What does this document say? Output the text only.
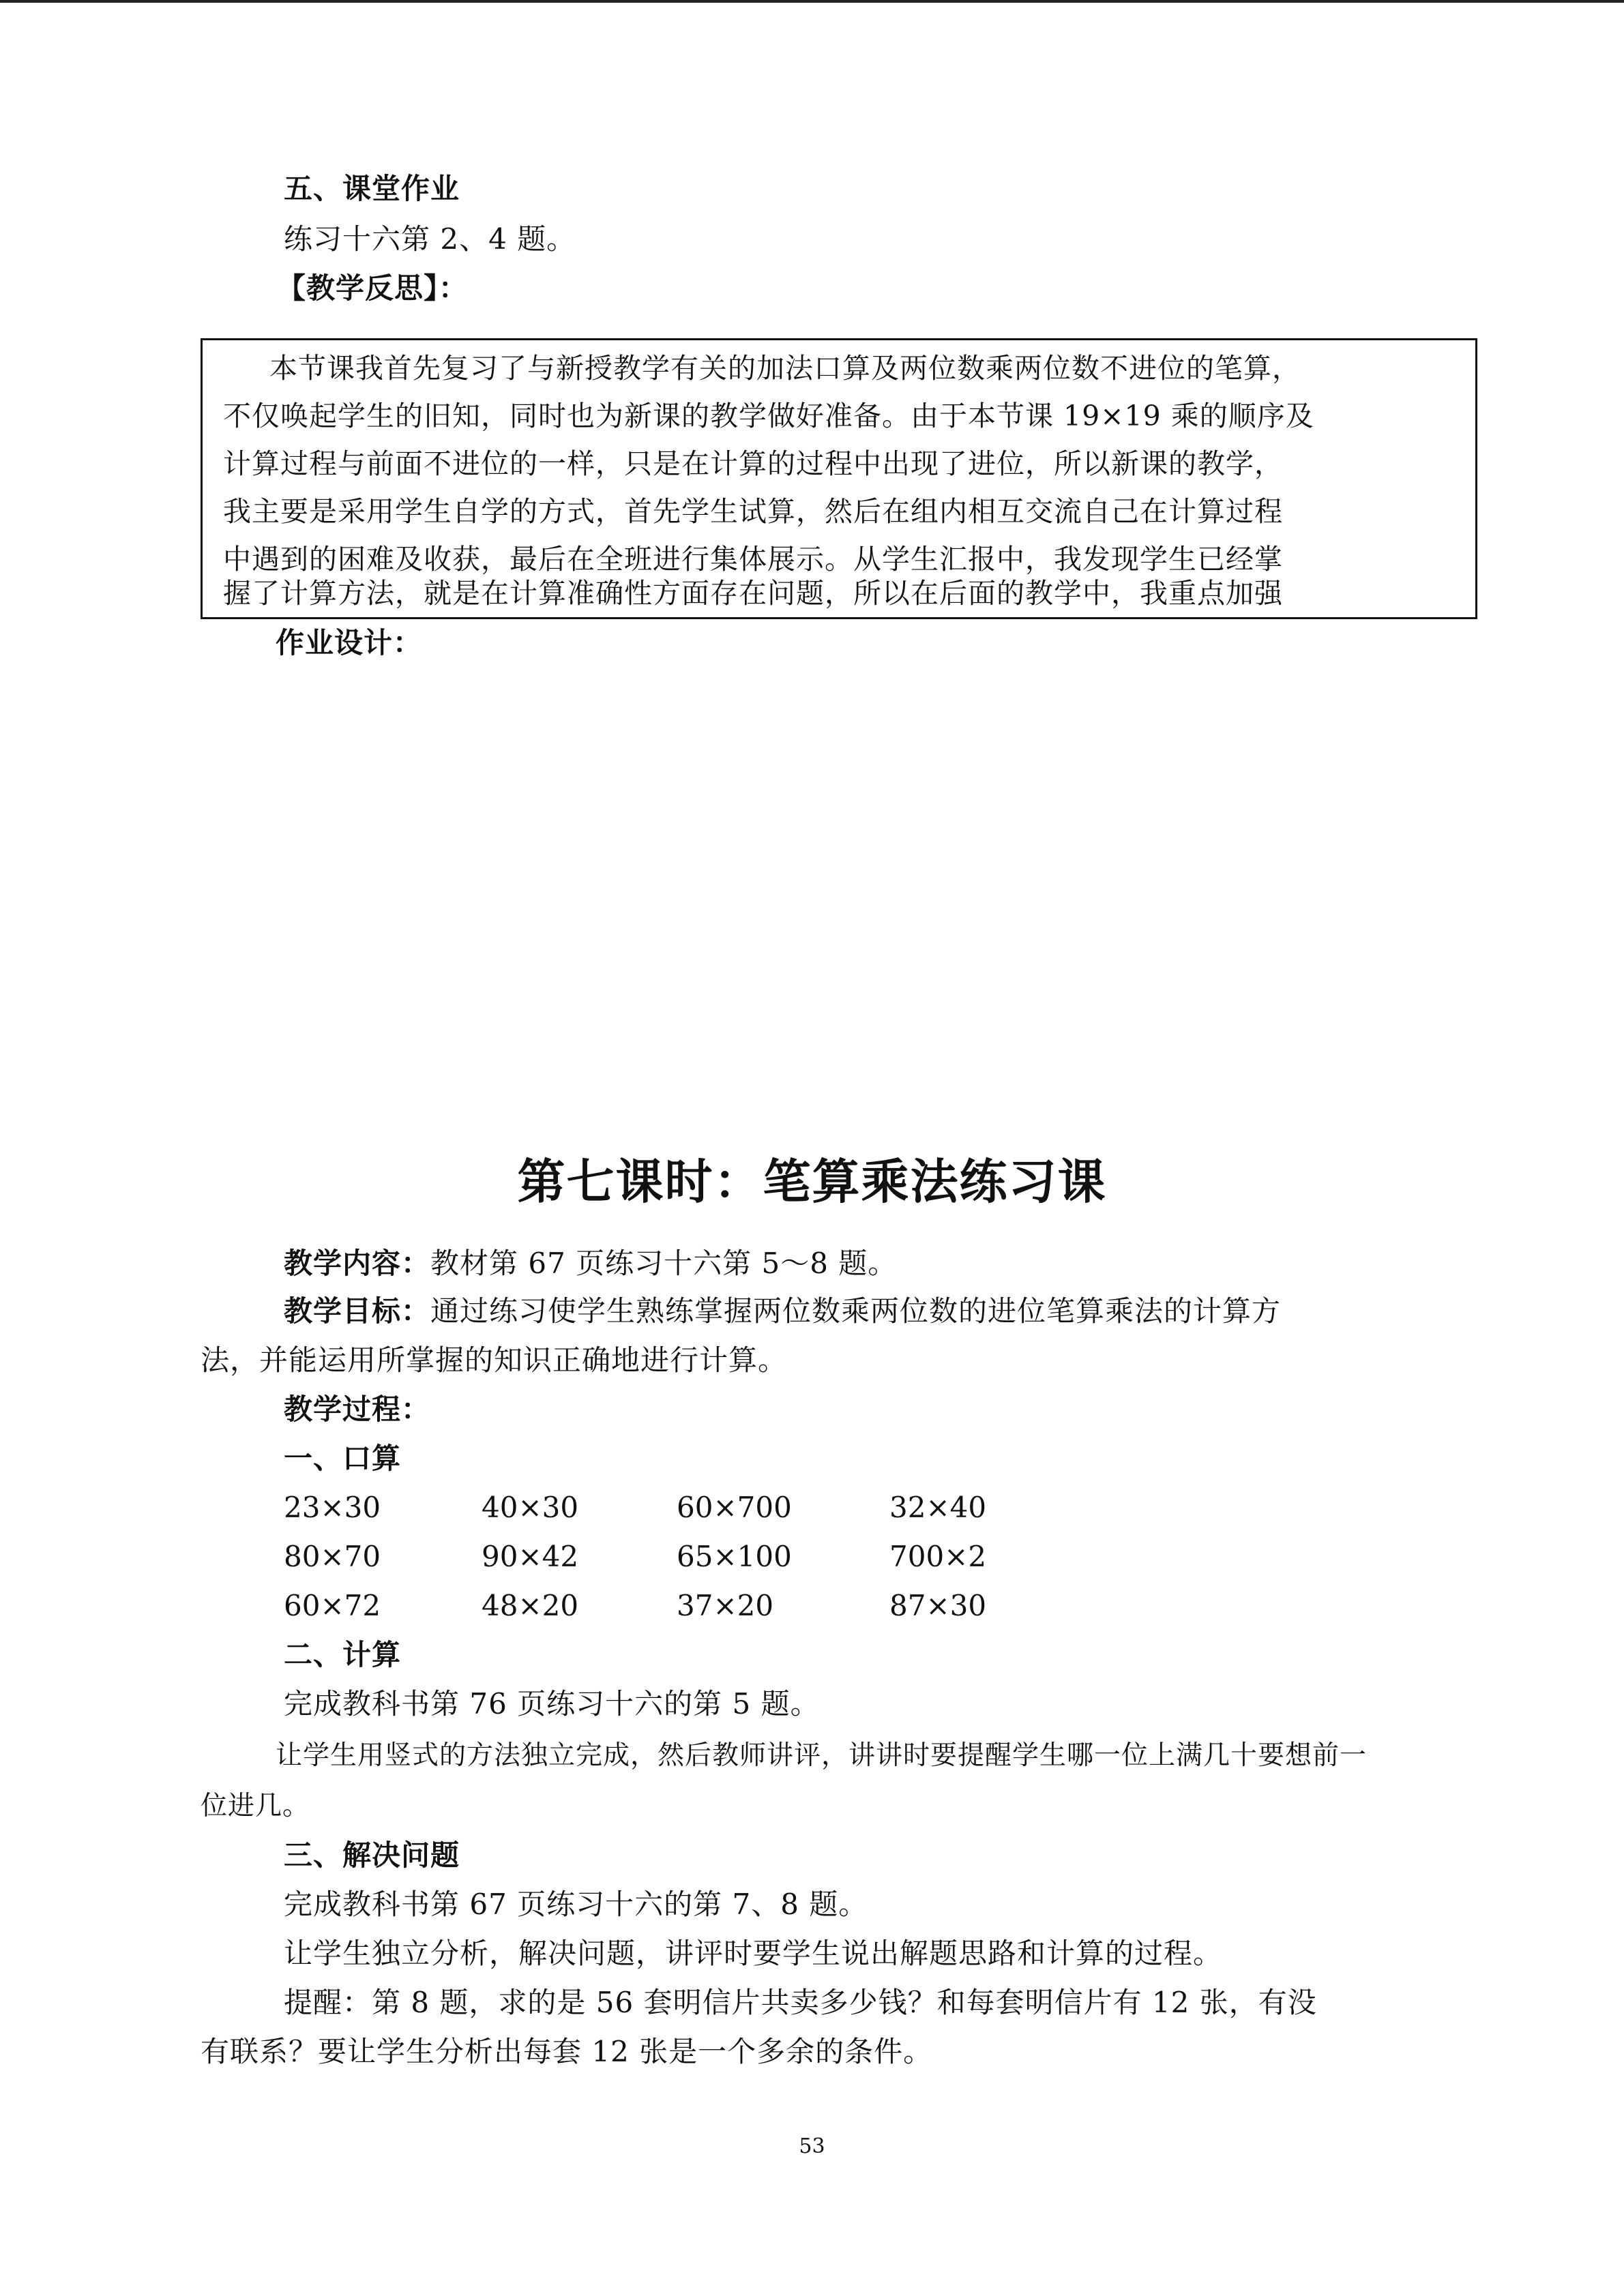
五、课堂作业
练习十六第 2、4 题。
【教学反思】：
本节课我首先复习了与新授教学有关的加法口算及两位数乘两位数不进位的笔算，
不仅唤起学生的旧知，同时也为新课的教学做好准备。由于本节课 19×19 乘的顺序及
计算过程与前面不进位的一样，只是在计算的过程中出现了进位，所以新课的教学，
我主要是采用学生自学的方式，首先学生试算，然后在组内相互交流自己在计算过程
中遇到的困难及收获，最后在全班进行集体展示。从学生汇报中，我发现学生已经掌
握了计算方法，就是在计算准确性方面存在问题，所以在后面的教学中，我重点加强
作业设计：
第七课时：笔算乘法练习课
教学内容：教材第 67 页练习十六第 5～8 题。
教学目标：通过练习使学生熟练掌握两位数乘两位数的进位笔算乘法的计算方
法，并能运用所掌握的知识正确地进行计算。
教学过程：
一、口算
23×30	40×30	60×700	32×40
80×70	90×42	65×100	700×2
60×72	48×20	37×20	87×30
二、计算
完成教科书第 76 页练习十六的第 5 题。
让学生用竖式的方法独立完成，然后教师讲评，讲讲时要提醒学生哪一位上满几十要想前一
位进几。
三、解决问题
完成教科书第 67 页练习十六的第 7、8 题。
让学生独立分析，解决问题，讲评时要学生说出解题思路和计算的过程。
提醒：第 8 题，求的是 56 套明信片共卖多少钱？和每套明信片有 12 张，有没
有联系？要让学生分析出每套 12 张是一个多余的条件。
53
